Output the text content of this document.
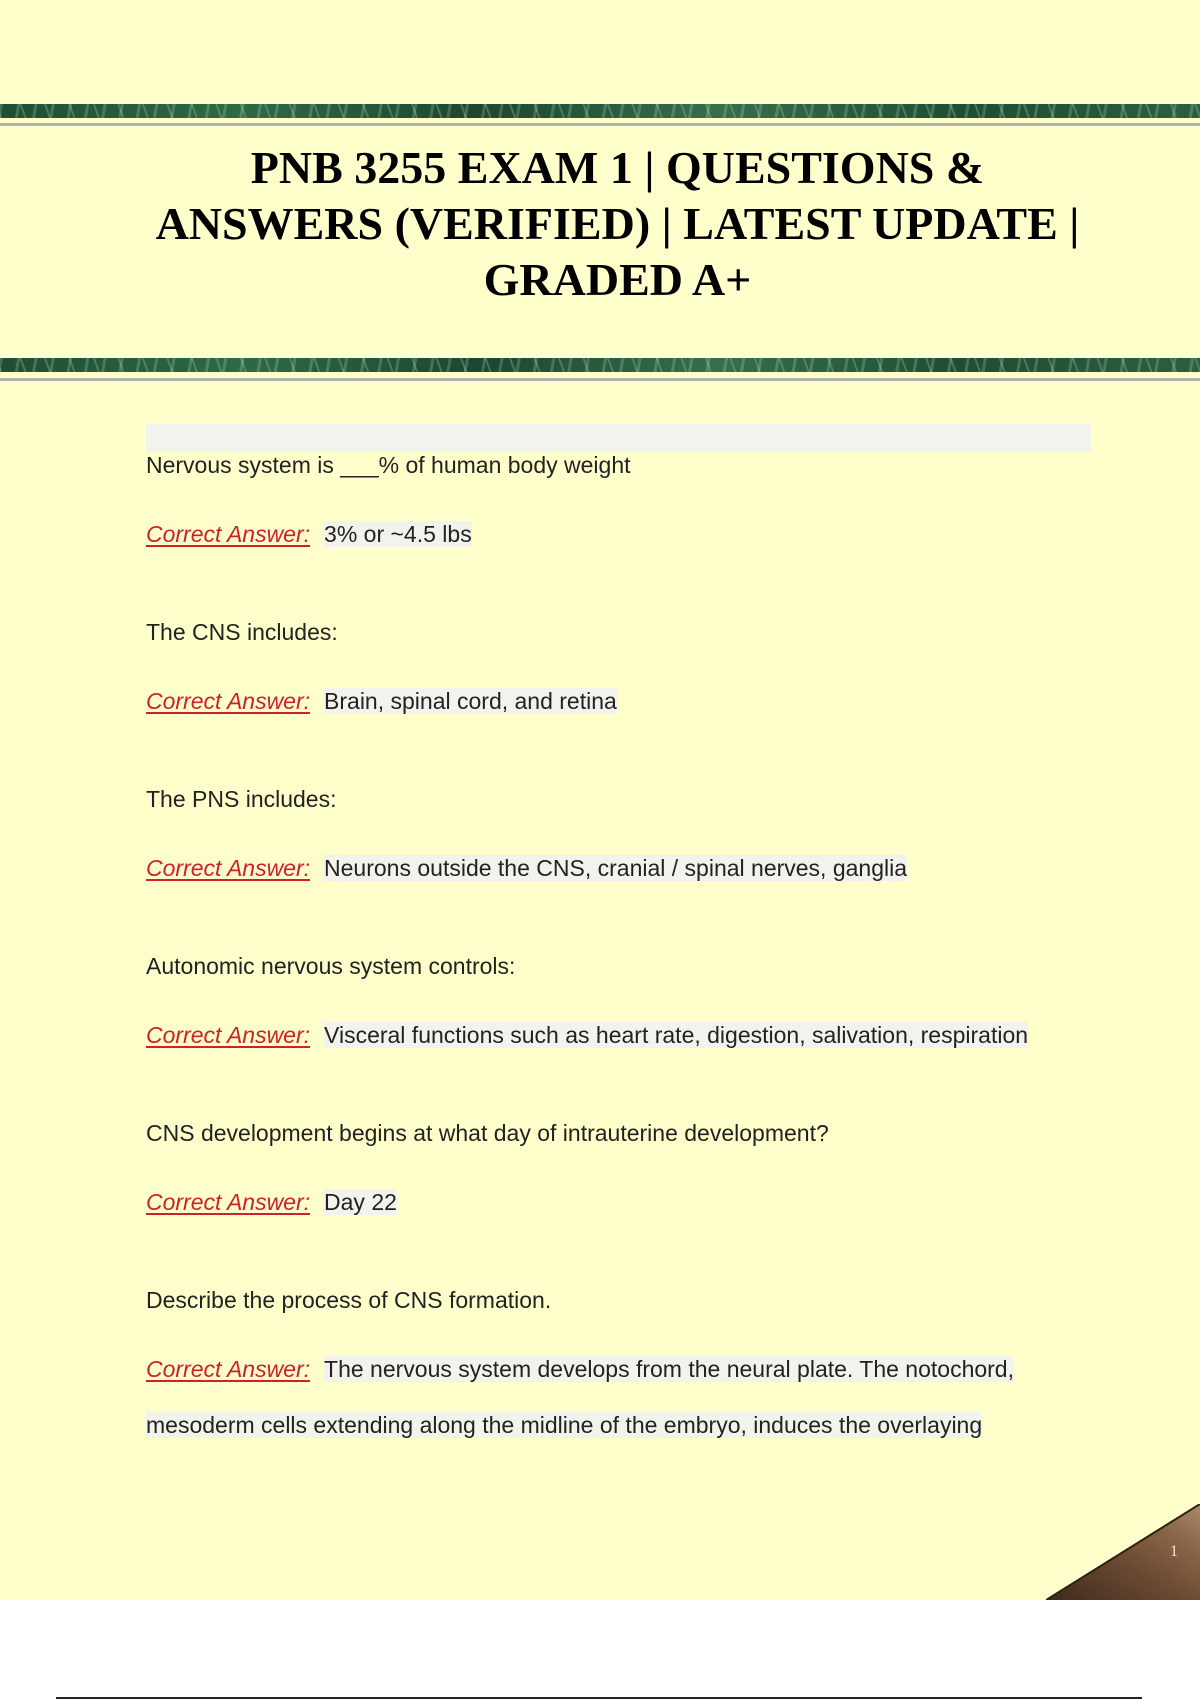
PNB 3255 EXAM 1 | QUESTIONS & ANSWERS (VERIFIED) | LATEST UPDATE | GRADED A+
Nervous system is ___% of human body weight
Correct Answer: 3% or ~4.5 lbs
The CNS includes:
Correct Answer: Brain, spinal cord, and retina
The PNS includes:
Correct Answer: Neurons outside the CNS, cranial / spinal nerves, ganglia
Autonomic nervous system controls:
Correct Answer: Visceral functions such as heart rate, digestion, salivation, respiration
CNS development begins at what day of intrauterine development?
Correct Answer: Day 22
Describe the process of CNS formation.
Correct Answer: The nervous system develops from the neural plate. The notochord, mesoderm cells extending along the midline of the embryo, induces the overlaying
1
